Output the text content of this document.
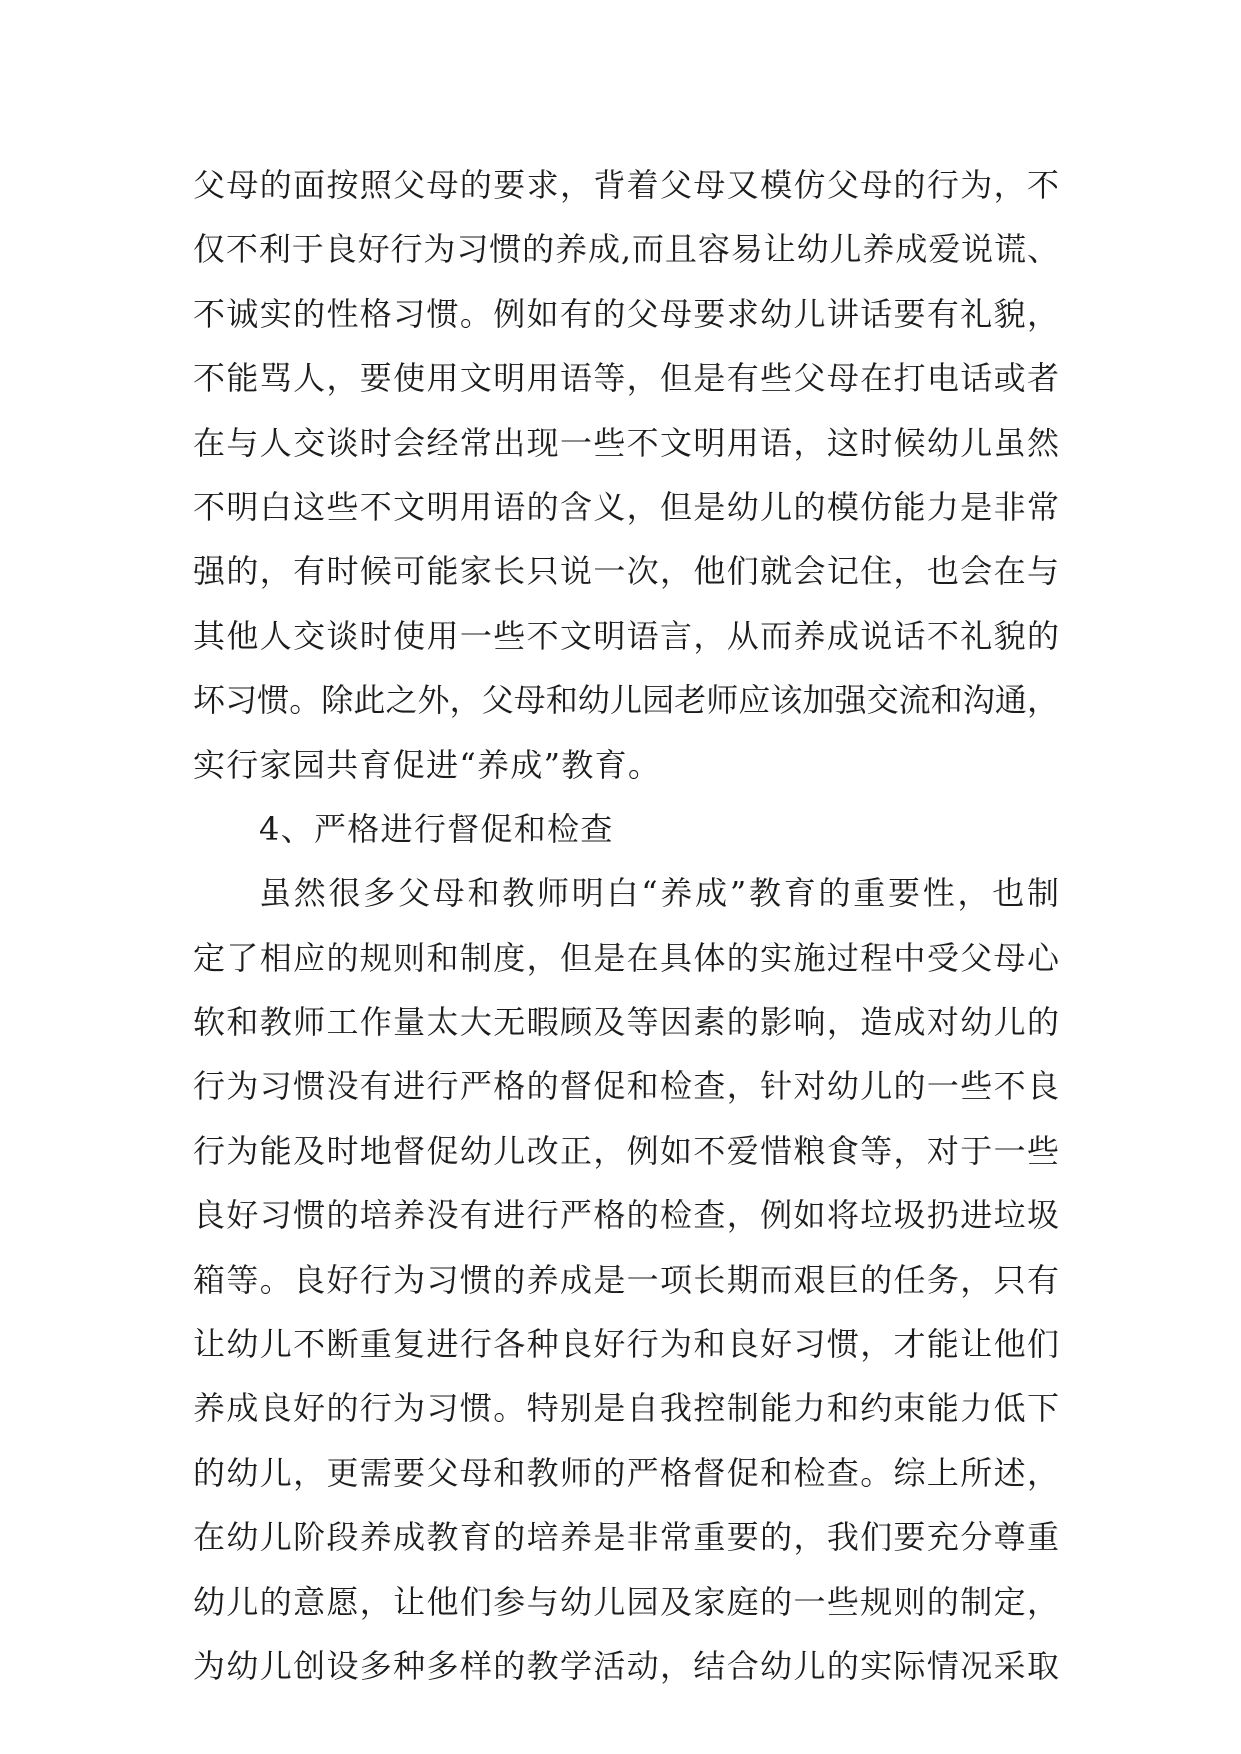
父母的面按照父母的要求，背着父母又模仿父母的行为，不
仅不利于良好行为习惯的养成,而且容易让幼儿养成爱说谎、
不诚实的性格习惯。例如有的父母要求幼儿讲话要有礼貌，
不能骂人，要使用文明用语等，但是有些父母在打电话或者
在与人交谈时会经常出现一些不文明用语，这时候幼儿虽然
不明白这些不文明用语的含义，但是幼儿的模仿能力是非常
强的，有时候可能家长只说一次，他们就会记住，也会在与
其他人交谈时使用一些不文明语言，从而养成说话不礼貌的
坏习惯。除此之外，父母和幼儿园老师应该加强交流和沟通，
实行家园共育促进“养成”教育。
4、严格进行督促和检查
虽然很多父母和教师明白“养成”教育的重要性，也制
定了相应的规则和制度，但是在具体的实施过程中受父母心
软和教师工作量太大无暇顾及等因素的影响，造成对幼儿的
行为习惯没有进行严格的督促和检查，针对幼儿的一些不良
行为能及时地督促幼儿改正，例如不爱惜粮食等，对于一些
良好习惯的培养没有进行严格的检查，例如将垃圾扔进垃圾
箱等。良好行为习惯的养成是一项长期而艰巨的任务，只有
让幼儿不断重复进行各种良好行为和良好习惯，才能让他们
养成良好的行为习惯。特别是自我控制能力和约束能力低下
的幼儿，更需要父母和教师的严格督促和检查。综上所述，
在幼儿阶段养成教育的培养是非常重要的，我们要充分尊重
幼儿的意愿，让他们参与幼儿园及家庭的一些规则的制定，
为幼儿创设多种多样的教学活动，结合幼儿的实际情况采取
